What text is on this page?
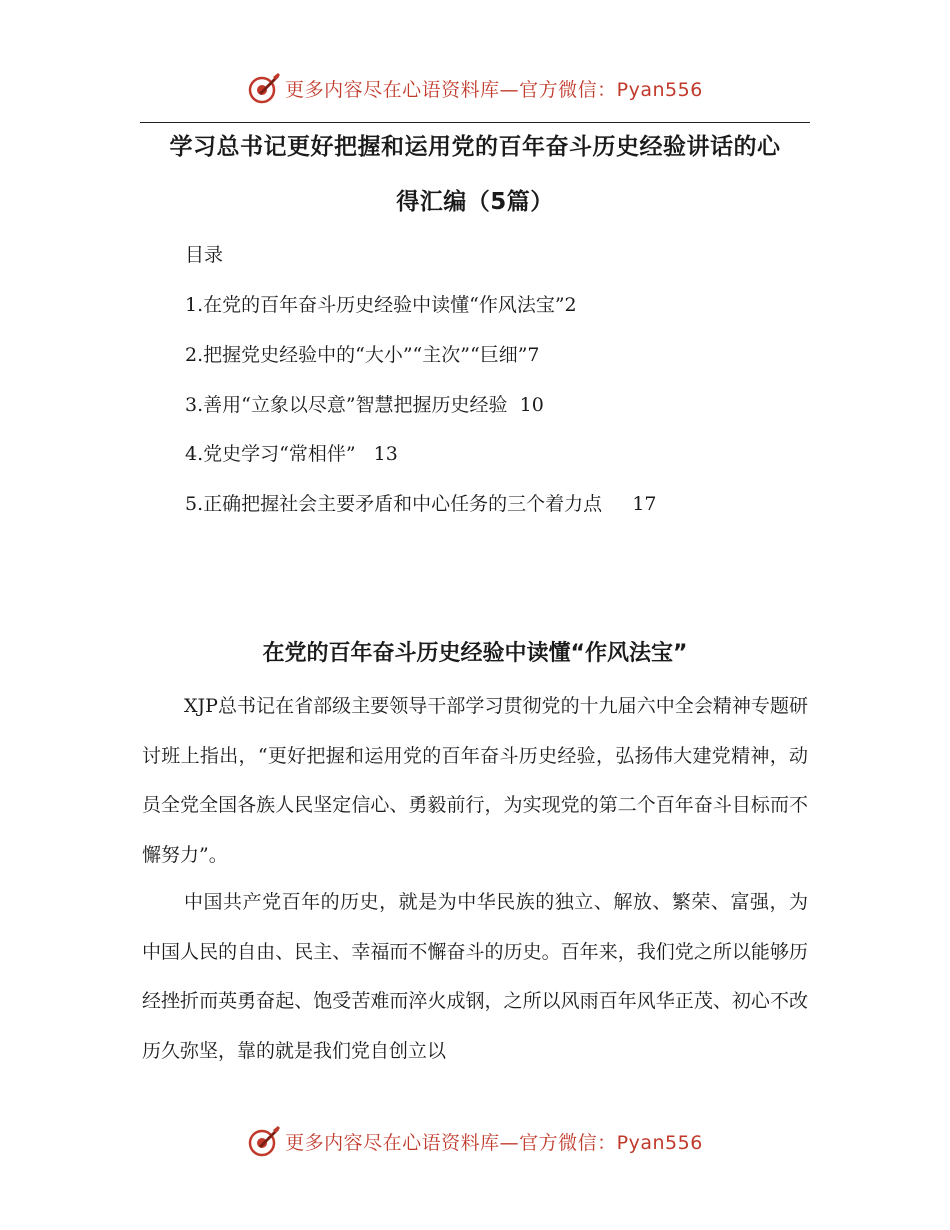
更多内容尽在心语资料库—官方微信：Pyan556
学习总书记更好把握和运用党的百年奋斗历史经验讲话的心
得汇编（5篇）
目录
1.在党的百年奋斗历史经验中读懂“作风法宝”2
2.把握党史经验中的“大小”“主次”“巨细”7
3.善用“立象以尽意”智慧把握历史经验  10
4.党史学习“常相伴”   13
5.正确把握社会主要矛盾和中心任务的三个着力点     17
在党的百年奋斗历史经验中读懂“作风法宝”

XJP总书记在省部级主要领导干部学习贯彻党的十九届六中全会精神专题研讨班上指出，“更好把握和运用党的百年奋斗历史经验，弘扬伟大建党精神，动员全党全国各族人民坚定信心、勇毅前行，为实现党的第二个百年奋斗目标而不懈努力”。

中国共产党百年的历史，就是为中华民族的独立、解放、繁荣、富强，为中国人民的自由、民主、幸福而不懈奋斗的历史。百年来，我们党之所以能够历经挫折而英勇奋起、饱受苦难而淬火成钢，之所以风雨百年风华正茂、初心不改历久弥坚，靠的就是我们党自创立以

更多内容尽在心语资料库—官方微信：Pyan556
